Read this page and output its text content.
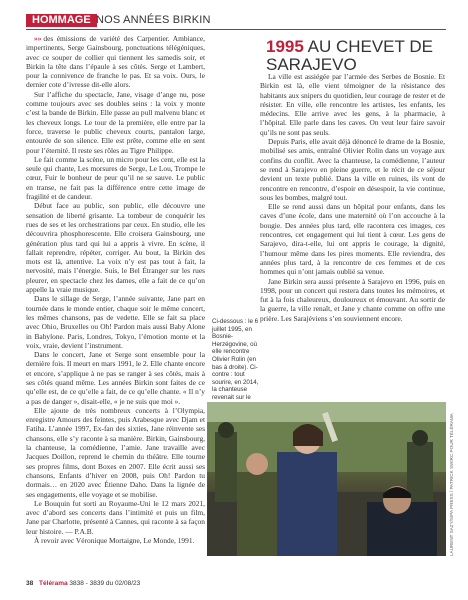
HOMMAGE NOS ANNÉES BIRKIN

»» des émissions de variété des Carpentier. Ambiance, impertinents, Serge Gainsbourg, ponctuations télégéniques, avec ce souper de collier qui tiennent les samedis soir, et Birkin la tête dans l’épaule à ses côtés. Serge et Lambert, pour la connivence de franche le pas. Et sa voix. Ours, le dernier cote d’ivresse dit-elle alors.

Sur l’affiche du spectacle, Jane, visage d’ange nu, pose comme toujours avec ses doubles seins : la voix y monte c’est la bande de Birkin. Elle passe au pull malvenu blanc et les cheveux longs. Le tour de la première, elle entre par la force, traverse le public cheveux courts, pantalon large, entourée de son silence. Elle est prête, comme elle en sent pour l’éternité. Il reste ses rôles au Tigre Philippe.

Le fait comme la scène, un micro pour les cent, elle est la seule qui chante, Les morsures de Serge, Le Lou, Trompe le cœur, Fuir le bonheur de peur qu’il ne se sauve. Le public en transe, ne fait pas la différence entre cette image de fragilité et de candeur.

Début face au public, son public, elle découvre une sensation de liberté grisante. La tombeur de conquérir les rues de ses et les orchestrations par ceux. En studio, elle les découvrira phosphorescente. Elle croisera Gainsbourg, une génération plus tard qui lui a appris à vivre. En scène, il fallait reprendre, répéter, corriger. Au bout, la Birkin des mots est là, attentive. La voix n’y est pas tout à fait, la nervosité, mais l’énergie. Suis, le Bel Étranger sur les rues pleurer, en spectacle chez les dames, elle a fait de ce qu’on appelle la vraie musique.

Dans le sillage de Serge, l’année suivante, Jane part en tournée dans le monde entier, chaque soir le même concert, les mêmes chansons, pas de vedette. Elle se fait sa place avec Ohio, Bruxelles ou Oh! Pardon mais aussi Baby Alone in Babylone. Paris, Londres, Tokyo, l’émotion monte et la voix, vraie, devient l’instrument.

Dans le concert, Jane et Serge sont ensemble pour la dernière fois. Il meurt en mars 1991, le 2. Elle chante encore et encore, s’applique à ne pas se ranger à ses côtés, mais à ses côtés quand même. Les années Birkin sont faites de ce qu’elle est, de ce qu’elle a fait, de ce qu’elle chante. « Il n’y a pas de danger », disait-elle, « je ne suis que moi ».

Elle ajoute de très nombreux concerts à l’Olympia, enregistre Amours des feintes, puis Arabesque avec Djam et Fatiha. L’année 1997, Ex-fan des sixties, Jane réinvente ses chansons, elle s’y raconte à sa manière. Birkin, Gainsbourg, la chanteuse, la comédienne, l’amie. Jane travaille avec Jacques Doillon, reprend le chemin du théâtre. Elle tourne ses propres films, dont Boxes en 2007. Elle écrit aussi ses chansons, Enfants d’hiver en 2008, puis Oh! Pardon tu dormais… en 2020 avec Étienne Daho. Dans la lignée de ses engagements, elle voyage et se mobilise.

Le Bouquin fut sorti au Royaume-Uni le 12 mars 2021, avec d’abord ses concerts dans l’intimité et puis un film, Jane par Charlotte, présenté à Cannes, qui raconte à sa façon leur histoire. — P.A.B.

À revoir avec Véronique Mortaigne, Le Monde, 1991.

1995 AU CHEVET DE SARAJEVO

La ville est assiégée par l’armée des Serbes de Bosnie. Et Birkin est là, elle vient témoigner de la résistance des habitants aux snipers du quotidien, leur courage de rester et de résister. En ville, elle rencontre les artistes, les enfants, les médecins. Elle arrive avec les gens, à la pharmacie, à l’hôpital. Elle parle dans les caves. On veut leur faire savoir qu’ils ne sont pas seuls.

Depuis Paris, elle avait déjà dénoncé le drame de la Bosnie, mobilisé ses amis, entraîné Olivier Rolin dans un voyage aux confins du conflit. Avec la chanteuse, la comédienne, l’auteur se rend à Sarajevo en pleine guerre, et le récit de ce séjour devient un texte publié. Dans la ville en ruines, ils vont de rencontre en rencontre, d’espoir en désespoir, la vie continue, sous les bombes, malgré tout.

Elle se rend aussi dans un hôpital pour enfants, dans les caves d’une école, dans une maternité où l’on accouche à la bougie. Des années plus tard, elle racontera ces images, ces rencontres, cet engagement qui lui tient à cœur. Les gens de Sarajevo, dira-t-elle, lui ont appris le courage, la dignité, l’humour même dans les pires moments. Elle reviendra, des années plus tard, à la rencontre de ces femmes et de ces hommes qui n’ont jamais oublié sa venue.

Jane Birkin sera aussi présente à Sarajevo en 1996, puis en 1998, pour un concert qui restera dans toutes les mémoires, et fut à la fois chaleureux, douloureux et émouvant. Au sortir de la guerre, la ville renaît, et Jane y chante comme on offre une prière. Les Sarajéviens s’en souviennent encore.

Ci-dessous : le 6 juillet 1995, en Bosnie-Herzégovine, où elle rencontre Olivier Rolin (en bas à droite). Ci-contre : tout sourire, en 2014, la chanteuse revenait sur le
LAURENT SAZY/SIPA PRESS / PATRICK SWIRC POUR TÉLÉRAMA
38 Télérama 3838 - 3839 du 02/08/23
